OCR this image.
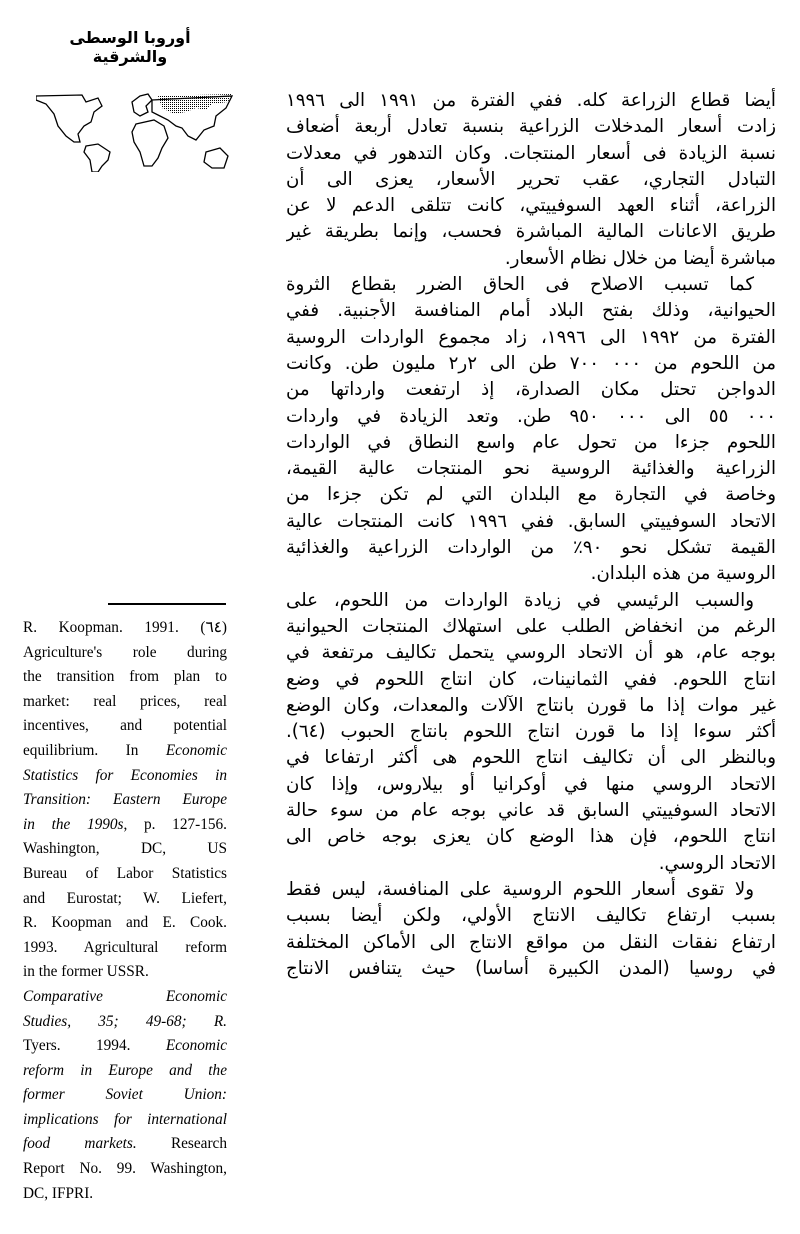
أوروبا الوسطى والشرقية
أيضا قطاع الزراعة كله. ففي الفترة من ١٩٩١ الى ١٩٩٦
زادت أسعار المدخلات الزراعية بنسبة تعادل أربعة أضعاف
نسبة الزيادة فى أسعار المنتجات. وكان التدهور في معدلات
التبادل التجاري، عقب تحرير الأسعار، يعزى الى أن
الزراعة، أثناء العهد السوفييتي، كانت تتلقى الدعم لا عن
طريق الاعانات المالية المباشرة فحسب، وإنما بطريقة غير
مباشرة أيضا من خلال نظام الأسعار.
كما تسبب الاصلاح فى الحاق الضرر بقطاع الثروة
الحيوانية، وذلك بفتح البلاد أمام المنافسة الأجنبية. ففي
الفترة من ١٩٩٢ الى ١٩٩٦، زاد مجموع الواردات الروسية
من اللحوم من ٠٠٠ ٧٠٠ طن الى ٢ر٢ مليون طن. وكانت
الدواجن تحتل مكان الصدارة، إذ ارتفعت وارداتها من
٠٠٠ ٥٥ الى ٠٠٠ ٩٥٠ طن. وتعد الزيادة في واردات
اللحوم جزءا من تحول عام واسع النطاق في الواردات
الزراعية والغذائية الروسية نحو المنتجات عالية القيمة،
وخاصة في التجارة مع البلدان التي لم تكن جزءا من
الاتحاد السوفييتي السابق. ففي ١٩٩٦ كانت المنتجات عالية
القيمة تشكل نحو ٩٠٪ من الواردات الزراعية والغذائية
الروسية من هذه البلدان.
والسبب الرئيسي في زيادة الواردات من اللحوم، على
الرغم من انخفاض الطلب على استهلاك المنتجات الحيوانية
بوجه عام، هو أن الاتحاد الروسي يتحمل تكاليف مرتفعة في
انتاج اللحوم. ففي الثمانينات، كان انتاج اللحوم في وضع
غير موات إذا ما قورن بانتاج الآلات والمعدات، وكان الوضع
أكثر سوءا إذا ما قورن انتاج اللحوم بانتاج الحبوب (٦٤).
وبالنظر الى أن تكاليف انتاج اللحوم هى أكثر ارتفاعا في
الاتحاد الروسي منها في أوكرانيا أو بيلاروس، وإذا كان
الاتحاد السوفييتي السابق قد عاني بوجه عام من سوء حالة
انتاج اللحوم، فإن هذا الوضع كان يعزى بوجه خاص الى
الاتحاد الروسي.
ولا تقوى أسعار اللحوم الروسية على المنافسة، ليس فقط
بسبب ارتفاع تكاليف الانتاج الأولي، ولكن أيضا بسبب
ارتفاع نفقات النقل من مواقع الانتاج الى الأماكن المختلفة
في روسيا (المدن الكبيرة أساسا) حيث يتنافس الانتاج
R. Koopman. 1991. (٦٤)
Agriculture's role during
the transition from plan to
market: real prices, real
incentives, and potential
equilibrium. In Economic
Statistics for Economies in
Transition: Eastern Europe
in the 1990s, p. 127-156.
Washington, DC, US
Bureau of Labor Statistics
and Eurostat; W. Liefert,
R. Koopman and E. Cook.
1993. Agricultural reform
in the former USSR.
Comparative Economic
Studies, 35; 49-68; R.
Tyers. 1994. Economic
reform in Europe and the
former Soviet Union:
implications for international
food markets. Research
Report No. 99. Washington,
DC, IFPRI.
